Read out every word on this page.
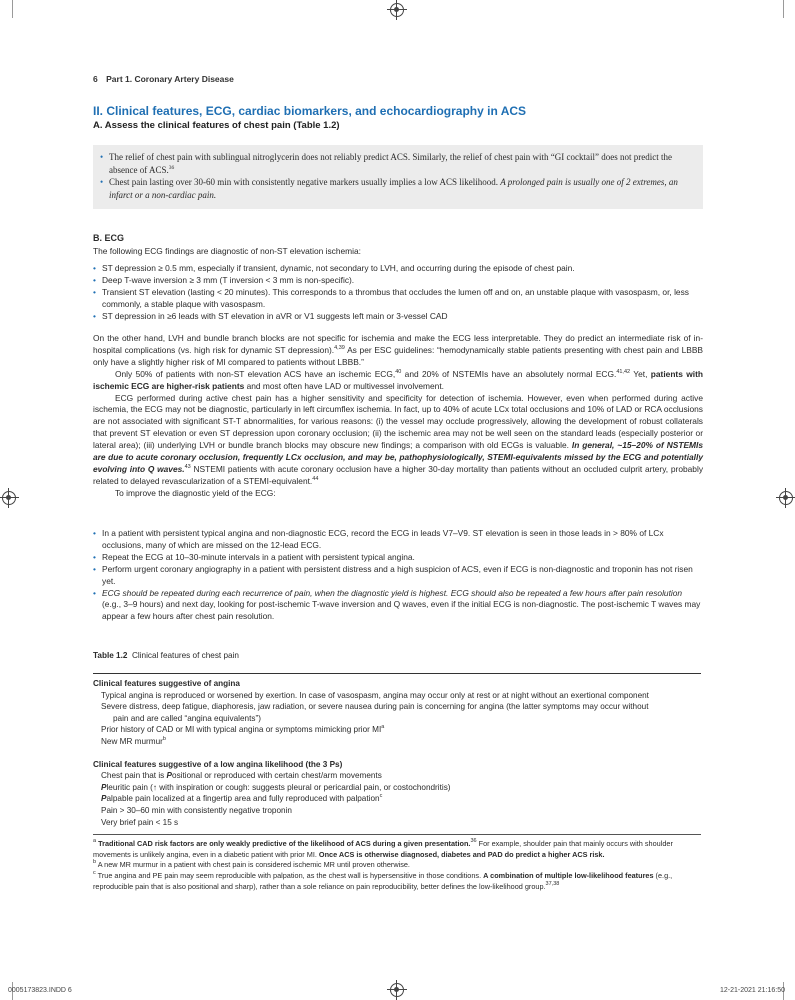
6 Part 1. Coronary Artery Disease
II. Clinical features, ECG, cardiac biomarkers, and echocardiography in ACS
A. Assess the clinical features of chest pain (Table 1.2)
• The relief of chest pain with sublingual nitroglycerin does not reliably predict ACS. Similarly, the relief of chest pain with “GI cocktail” does not predict the absence of ACS.$^{36}$
• Chest pain lasting over 30-60 min with consistently negative markers usually implies a low ACS likelihood. A prolonged pain is usually one of 2 extremes, an infarct or a non-cardiac pain.
B. ECG
The following ECG findings are diagnostic of non-ST elevation ischemia:
• ST depression ≥ 0.5 mm, especially if transient, dynamic, not secondary to LVH, and occurring during the episode of chest pain.
• Deep T-wave inversion ≥ 3 mm (T inversion < 3 mm is non-specific).
• Transient ST elevation (lasting < 20 minutes). This corresponds to a thrombus that occludes the lumen off and on, an unstable plaque with vasospasm, or, less commonly, a stable plaque with vasospasm.
• ST depression in ≥6 leads with ST elevation in aVR or V1 suggests left main or 3-vessel CAD

On the other hand, LVH and bundle branch blocks are not specific for ischemia and make the ECG less interpretable. They do predict an intermediate risk of in-hospital complications (vs. high risk for dynamic ST depression).$^{4,39}$ As per ESC guidelines: “hemodynamically stable patients presenting with chest pain and LBBB only have a slightly higher risk of MI compared to patients without LBBB.”

Only 50% of patients with non-ST elevation ACS have an ischemic ECG,$^{40}$ and 20% of NSTEMIs have an absolutely normal ECG.$^{41,42}$ Yet, patients with ischemic ECG are higher-risk patients and most often have LAD or multivessel involvement.

ECG performed during active chest pain has a higher sensitivity and specificity for detection of ischemia. However, even when performed during active ischemia, the ECG may not be diagnostic, particularly in left circumflex ischemia. In fact, up to 40% of acute LCx total occlusions and 10% of LAD or RCA occlusions are not associated with significant ST-T abnormalities, for various reasons: (i) the vessel may occlude progressively, allowing the development of robust collaterals that prevent ST elevation or even ST depression upon coronary occlusion; (ii) the ischemic area may not be well seen on the standard leads (especially posterior or lateral area); (iii) underlying LVH or bundle branch blocks may obscure new findings; a comparison with old ECGs is valuable. In general, ~15–20% of NSTEMIs are due to acute coronary occlusion, frequently LCx occlusion, and may be, pathophysiologically, STEMI-equivalents missed by the ECG and potentially evolving into Q waves.$^{43}$ NSTEMI patients with acute coronary occlusion have a higher 30-day mortality than patients without an occluded culprit artery, probably related to delayed revascularization of a STEMI-equivalent.$^{44}$

To improve the diagnostic yield of the ECG:

• In a patient with persistent typical angina and non-diagnostic ECG, record the ECG in leads V7–V9. ST elevation is seen in those leads in > 80% of LCx occlusions, many of which are missed on the 12-lead ECG.
• Repeat the ECG at 10–30-minute intervals in a patient with persistent typical angina.
• Perform urgent coronary angiography in a patient with persistent distress and a high suspicion of ACS, even if ECG is non-diagnostic and troponin has not risen yet.
• ECG should be repeated during each recurrence of pain, when the diagnostic yield is highest. ECG should also be repeated a few hours after pain resolution (e.g., 3–9 hours) and next day, looking for post-ischemic T-wave inversion and Q waves, even if the initial ECG is non-diagnostic. The post-ischemic T waves may appear a few hours after chest pain resolution.
Table 1.2 Clinical features of chest pain
Clinical features suggestive of angina
Typical angina is reproduced or worsened by exertion. In case of vasospasm, angina may occur only at rest or at night without an exertional component
Severe distress, deep fatigue, diaphoresis, jaw radiation, or severe nausea during pain is concerning for angina (the latter symptoms may occur without
pain and are called “angina equivalents”)
Prior history of CAD or MI with typical angina or symptoms mimicking prior $MI^a$
New MR murmur$^b$
Clinical features suggestive of a low angina likelihood (the 3 Ps)
Chest pain that is Positional or reproduced with certain chest/arm movements
Pleuritic pain (↑ with inspiration or cough: suggests pleural or pericardial pain, or costochondritis)
Palpable pain localized at a fingertip area and fully reproduced with palpation$^c$
Pain > 30–60 min with consistently negative troponin
Very brief pain < 15 s

$^a$ Traditional CAD risk factors are only weakly predictive of the likelihood of ACS during a given presentation.$^{36}$ For example, shoulder pain that mainly occurs with shoulder movements is unlikely angina, even in a diabetic patient with prior MI. Once ACS is otherwise diagnosed, diabetes and PAD do predict a higher ACS risk.

$^b$ A new MR murmur in a patient with chest pain is considered ischemic MR until proven otherwise.

$^c$ True angina and PE pain may seem reproducible with palpation, as the chest wall is hypersensitive in those conditions. A combination of multiple low-likelihood features (e.g., reproducible pain that is also positional and sharp), rather than a sole reliance on pain reproducibility, better defines the low-likelihood group.$^{37,38}$

0005173823.INDD 6	12-21-2021 21:16:50
